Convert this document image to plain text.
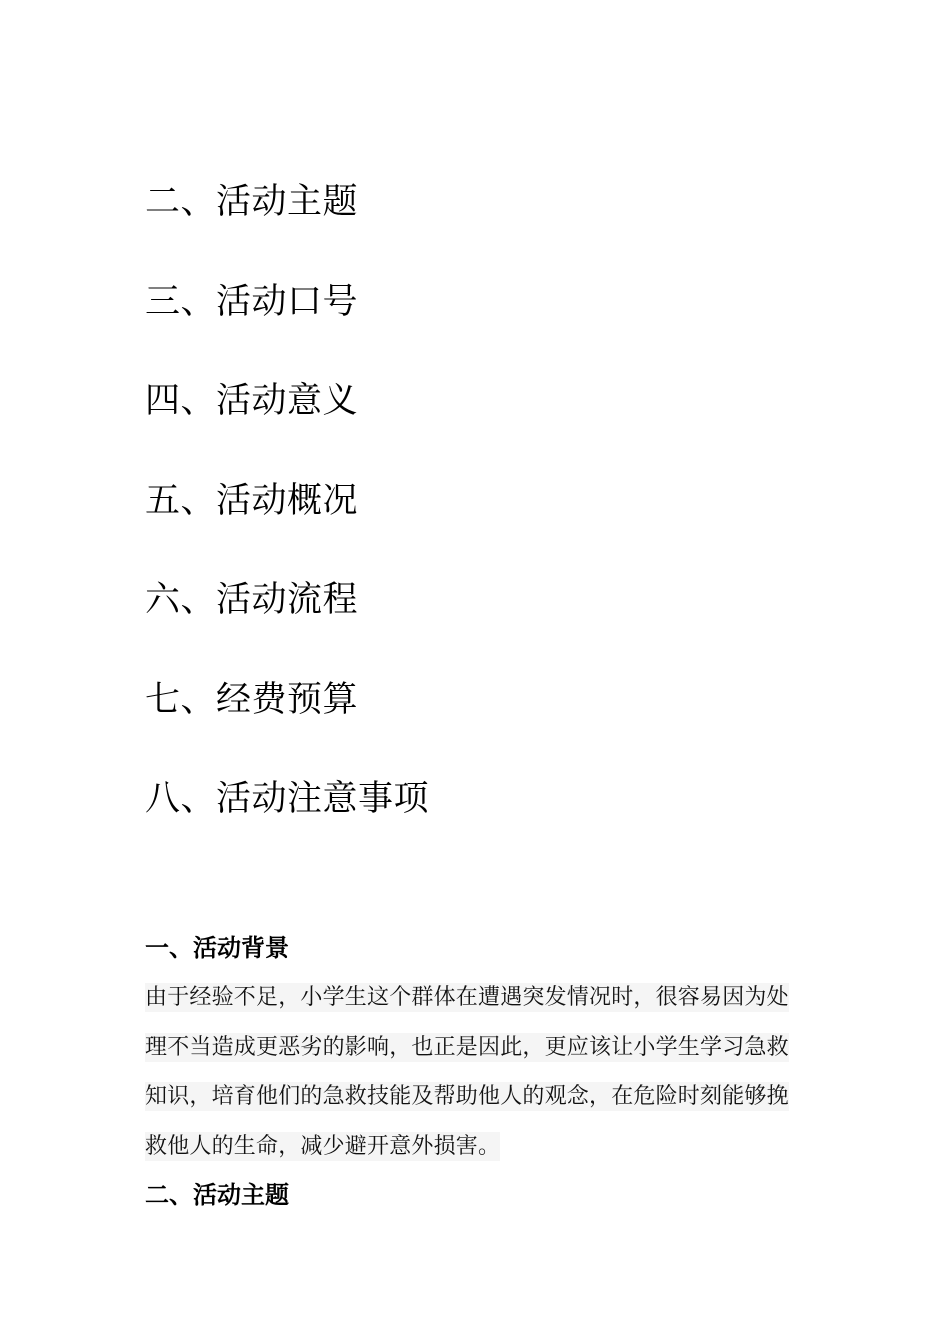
二、活动主题
三、活动口号
四、活动意义
五、活动概况
六、活动流程
七、经费预算
八、活动注意事项
一、活动背景

由于经验不足，小学生这个群体在遭遇突发情况时，很容易因为处理不当造成更恶劣的影响，也正是因此，更应该让小学生学习急救知识，培育他们的急救技能及帮助他人的观念，在危险时刻能够挽救他人的生命，减少避开意外损害。

二、活动主题
